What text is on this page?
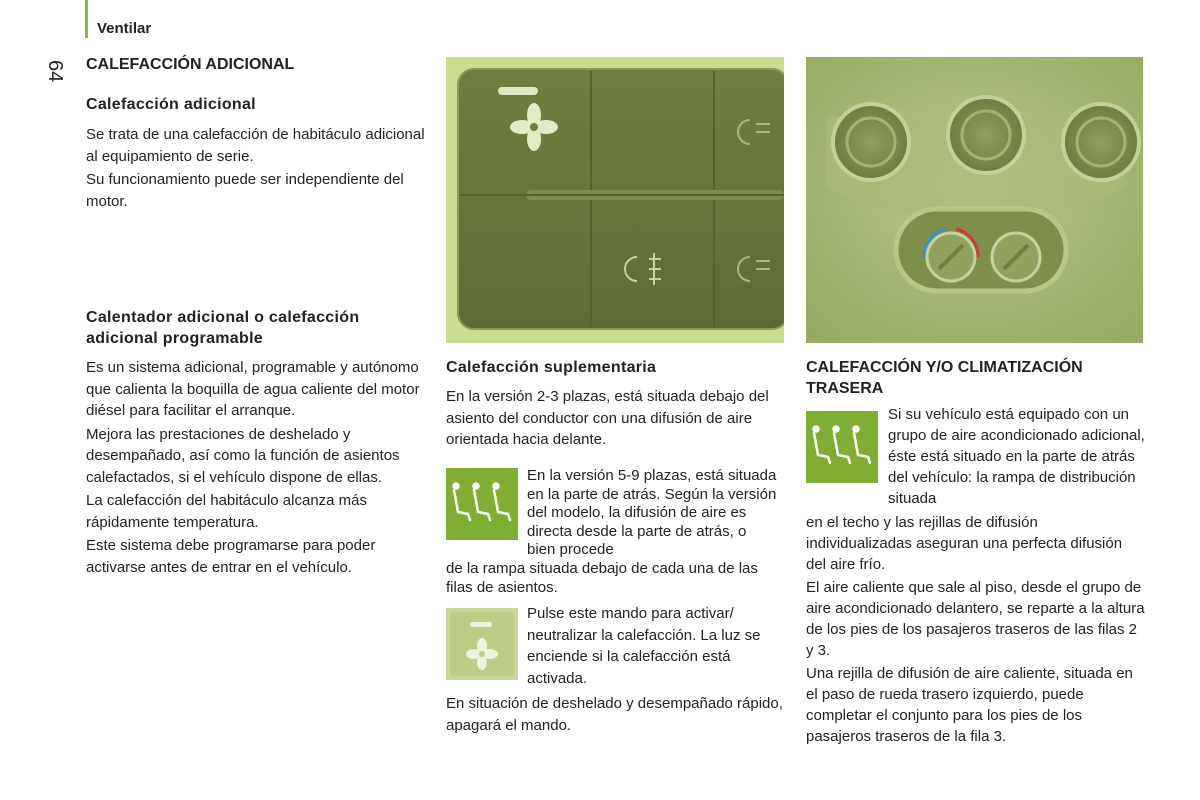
Ventilar
64 CALEFACCIÓN ADICIONAL
Calefacción adicional

Se trata de una calefacción de habitáculo adicional al equipamiento de serie.

Su funcionamiento puede ser independiente del motor.

Calentador adicional o calefacción adicional programable

Es un sistema adicional, programable y autónomo que calienta la boquilla de agua caliente del motor diésel para facilitar el arranque.

Mejora las prestaciones de deshelado y desempañado, así como la función de asientos calefactados, si el vehículo dispone de ellas.

La calefacción del habitáculo alcanza más rápidamente temperatura.

Este sistema debe programarse para poder activarse antes de entrar en el vehículo.

Calefacción suplementaria

En la versión 2-3 plazas, está situada debajo del asiento del conductor con una difusión de aire orientada hacia delante.

En la versión 5-9 plazas, está situada en la parte de atrás. Según la versión del modelo, la difusión de aire es directa desde la parte de atrás, o bien procede

de la rampa situada debajo de cada una de las filas de asientos.

Pulse este mando para activar/ neutralizar la calefacción. La luz se enciende si la calefacción está activada.

En situación de deshelado y desempañado rápido, apagará el mando.

CALEFACCIÓN Y/O CLIMATIZACIÓN TRASERA

Si su vehículo está equipado con un grupo de aire acondicionado adicional, éste está situado en la parte de atrás del vehículo: la rampa de distribución situada

en el techo y las rejillas de difusión individualizadas aseguran una perfecta difusión del aire frío.

El aire caliente que sale al piso, desde el grupo de aire acondicionado delantero, se reparte a la altura de los pies de los pasajeros traseros de las filas 2 y 3.

Una rejilla de difusión de aire caliente, situada en el paso de rueda trasero izquierdo, puede completar el conjunto para los pies de los pasajeros traseros de la fila 3.
